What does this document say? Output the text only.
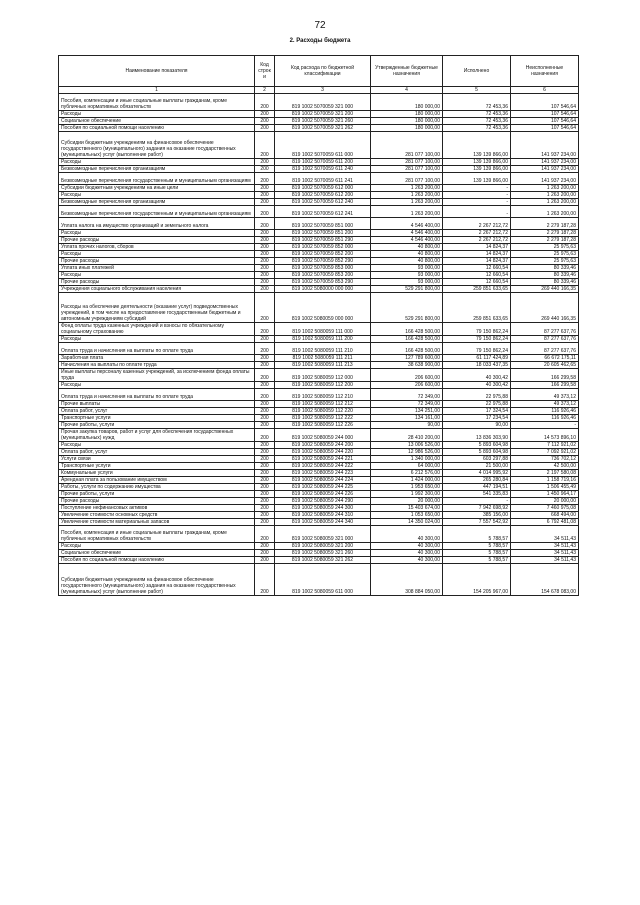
72
2. Расходы бюджета
Наименование показателя	Код строк и	Код расхода по бюджетной классификации	Утвержденные бюджетные назначения	Исполнено	Неисполненные назначения
1	2	3	4	5	6
Пособия, компенсации и иные социальные выплаты гражданам, кроме публичных нормативных обязательств	200	819 1002 5070059 321 000	180 000,00	72 453,36	107 546,64
Расходы	200	819 1002 5070059 321 200	180 000,00	72 453,36	107 546,64
Социальное обеспечение	200	819 1002 5070059 321 260	180 000,00	72 453,36	107 546,64
Пособия по социальной помощи населению	200	819 1002 5070059 321 262	180 000,00	72 453,36	107 546,64
Субсидии бюджетным учреждениям на финансовое обеспечение государственного (муниципального) задания на оказание государственных (муниципальных) услуг (выполнение работ)	200	819 1002 5070059 611 000	281 077 100,00	139 139 866,00	141 937 234,00
Расходы	200	819 1002 5070059 611 200	281 077 100,00	139 139 866,00	141 937 234,00
Безвозмездные перечисления организациям	200	819 1002 5070059 611 240	281 077 100,00	139 139 866,00	141 937 234,00
Безвозмездные перечисления государственным и муниципальным организациям	200	819 1002 5070059 611 241	281 077 100,00	139 139 866,00	141 937 234,00
Субсидии бюджетным учреждениям на иные цели	200	819 1002 5070059 612 000	1 263 200,00	-	1 263 200,00
Расходы	200	819 1002 5070059 612 200	1 263 200,00	-	1 263 200,00
Безвозмездные перечисления организациям	200	819 1002 5070059 612 240	1 263 200,00	-	1 263 200,00
Безвозмездные перечисления государственным и муниципальным организациям	200	819 1002 5070059 612 241	1 263 200,00	-	1 263 200,00
Уплата налога на имущество организаций и земельного налога	200	819 1002 5070059 851 000	4 546 400,00	2 267 212,72	2 279 187,28
Расходы	200	819 1002 5070059 851 200	4 546 400,00	2 267 212,72	2 279 187,28
Прочие расходы	200	819 1002 5070059 851 290	4 546 400,00	2 267 212,72	2 279 187,28
Уплата прочих налогов, сборов	200	819 1002 5070059 852 000	40 800,00	14 824,37	25 975,63
Расходы	200	819 1002 5070059 852 200	40 800,00	14 824,37	25 975,63
Прочие расходы	200	819 1002 5070059 852 290	40 800,00	14 824,37	25 975,63
Уплата иных платежей	200	819 1002 5070059 853 000	93 000,00	12 660,54	80 339,46
Расходы	200	819 1002 5070059 853 200	93 000,00	12 660,54	80 339,46
Прочие расходы	200	819 1002 5070059 853 290	93 000,00	12 660,54	80 339,46
Учреждения социального обслуживания населения	200	819 1002 5080000 000 000	529 291 800,00	259 851 633,65	269 440 166,35
Расходы на обеспечение деятельности (оказание услуг) подведомственных учреждений, в том числе на предоставление государственным бюджетным и автономным учреждениям субсидий	200	819 1002 5080059 000 000	529 291 800,00	259 851 633,65	269 440 166,35
Фонд оплаты труда казенных учреждений и взносы по обязательному социальному страхованию	200	819 1002 5080059 111 000	166 428 500,00	79 150 862,24	87 277 637,76
Расходы	200	819 1002 5080059 111 200	166 428 500,00	79 150 862,24	87 277 637,76
Оплата труда и начисления на выплаты по оплате труда	200	819 1002 5080059 111 210	166 428 500,00	79 150 862,24	87 277 637,76
Заработная плата	200	819 1002 5080059 111 211	127 789 600,00	61 117 424,89	66 672 175,11
Начисления на выплаты по оплате труда	200	819 1002 5080059 111 213	38 638 900,00	18 033 437,35	20 605 462,65
Иные выплаты персоналу казенных учреждений, за исключением фонда оплаты труда	200	819 1002 5080059 112 000	206 600,00	40 300,42	166 299,58
Расходы	200	819 1002 5080059 112 200	206 600,00	40 300,42	166 299,58
Оплата труда и начисления на выплаты по оплате труда	200	819 1002 5080059 112 210	72 349,00	22 975,88	49 373,12
Прочие выплаты	200	819 1002 5080059 112 212	72 349,00	22 975,88	49 373,12
Оплата работ, услуг	200	819 1002 5080059 112 220	134 251,00	17 324,54	116 926,46
Транспортные услуги	200	819 1002 5080059 112 222	134 161,00	17 234,54	116 926,46
Прочие работы, услуги	200	819 1002 5080059 112 226	90,00	90,00	-
Прочая закупка товаров, работ и услуг для обеспечения государственных (муниципальных) нужд	200	819 1002 5080059 244 000	28 410 200,00	13 836 303,90	14 573 896,10
Расходы	200	819 1002 5080059 244 200	13 006 526,00	5 893 604,98	7 112 921,02
Оплата работ, услуг	200	819 1002 5080059 244 220	12 986 526,00	5 893 604,98	7 092 921,02
Услуги связи	200	819 1002 5080059 244 221	1 340 000,00	603 297,88	736 702,12
Транспортные услуги	200	819 1002 5080059 244 222	64 000,00	21 500,00	42 500,00
Коммунальные услуги	200	819 1002 5080059 244 223	6 212 576,00	4 014 995,92	2 197 580,08
Арендная плата за пользование имуществом	200	819 1002 5080059 244 224	1 424 000,00	265 280,84	1 158 719,16
Работы, услуги по содержанию имущества	200	819 1002 5080059 244 225	1 953 650,00	447 194,51	1 506 455,49
Прочие работы, услуги	200	819 1002 5080059 244 226	1 992 300,00	541 335,83	1 450 964,17
Прочие расходы	200	819 1002 5080059 244 290	20 000,00	-	20 000,00
Поступление нефинансовых активов	200	819 1002 5080059 244 300	15 403 674,00	7 942 698,92	7 460 975,08
Увеличение стоимости основных средств	200	819 1002 5080059 244 310	1 053 650,00	385 156,00	668 494,00
Увеличение стоимости материальных запасов	200	819 1002 5080059 244 340	14 350 024,00	7 557 542,92	6 792 481,08
Пособия, компенсация и иные социальные выплаты гражданам, кроме публичных нормативных обязательств	200	819 1002 5080059 321 000	40 300,00	5 788,57	34 511,43
Расходы	200	819 1002 5080059 321 200	40 300,00	5 788,57	34 511,43
Социальное обеспечение	200	819 1002 5080059 321 260	40 300,00	5 788,57	34 511,43
Пособия по социальной помощи населению	200	819 1002 5080059 321 262	40 300,00	5 788,57	34 511,43
Субсидии бюджетным учреждениям на финансовое обеспечение государственного (муниципального) задания на оказание государственных (муниципальных) услуг (выполнение работ)	200	819 1002 5080059 611 000	308 884 050,00	154 205 967,00	154 678 083,00
